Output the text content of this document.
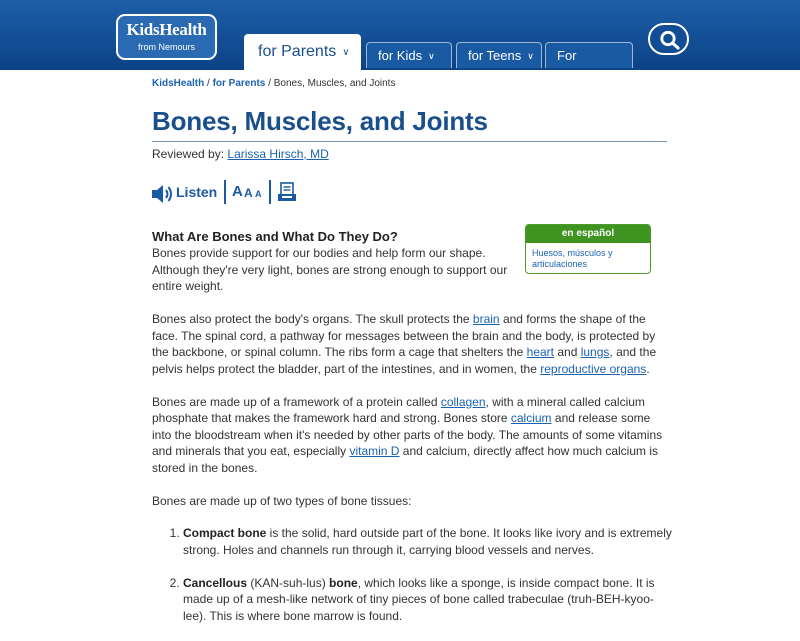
KidsHealth
from Nemours	for Parents ∨	for Kids ∨	for Teens ∨	For Educators
KidsHealth / for Parents / Bones, Muscles, and Joints
Bones, Muscles, and Joints
Reviewed by: Larissa Hirsch, MD
Listen A A A
en español
Huesos, músculos y articulaciones
What Are Bones and What Do They Do?

Bones provide support for our bodies and help form our shape. Although they're very light, bones are strong enough to support our entire weight.

Bones also protect the body's organs. The skull protects the brain and forms the shape of the face. The spinal cord, a pathway for messages between the brain and the body, is protected by the backbone, or spinal column. The ribs form a cage that shelters the heart and lungs, and the pelvis helps protect the bladder, part of the intestines, and in women, the reproductive organs.

Bones are made up of a framework of a protein called collagen, with a mineral called calcium phosphate that makes the framework hard and strong. Bones store calcium and release some into the bloodstream when it's needed by other parts of the body. The amounts of some vitamins and minerals that you eat, especially vitamin D and calcium, directly affect how much calcium is stored in the bones.

Bones are made up of two types of bone tissues:

1. Compact bone is the solid, hard outside part of the bone. It looks like ivory and is extremely strong. Holes and channels run through it, carrying blood vessels and nerves.
2. Cancellous (KAN-suh-lus) bone, which looks like a sponge, is inside compact bone. It is made up of a mesh-like network of tiny pieces of bone called trabeculae (truh-BEH-kyoo-lee). This is where bone marrow is found.
